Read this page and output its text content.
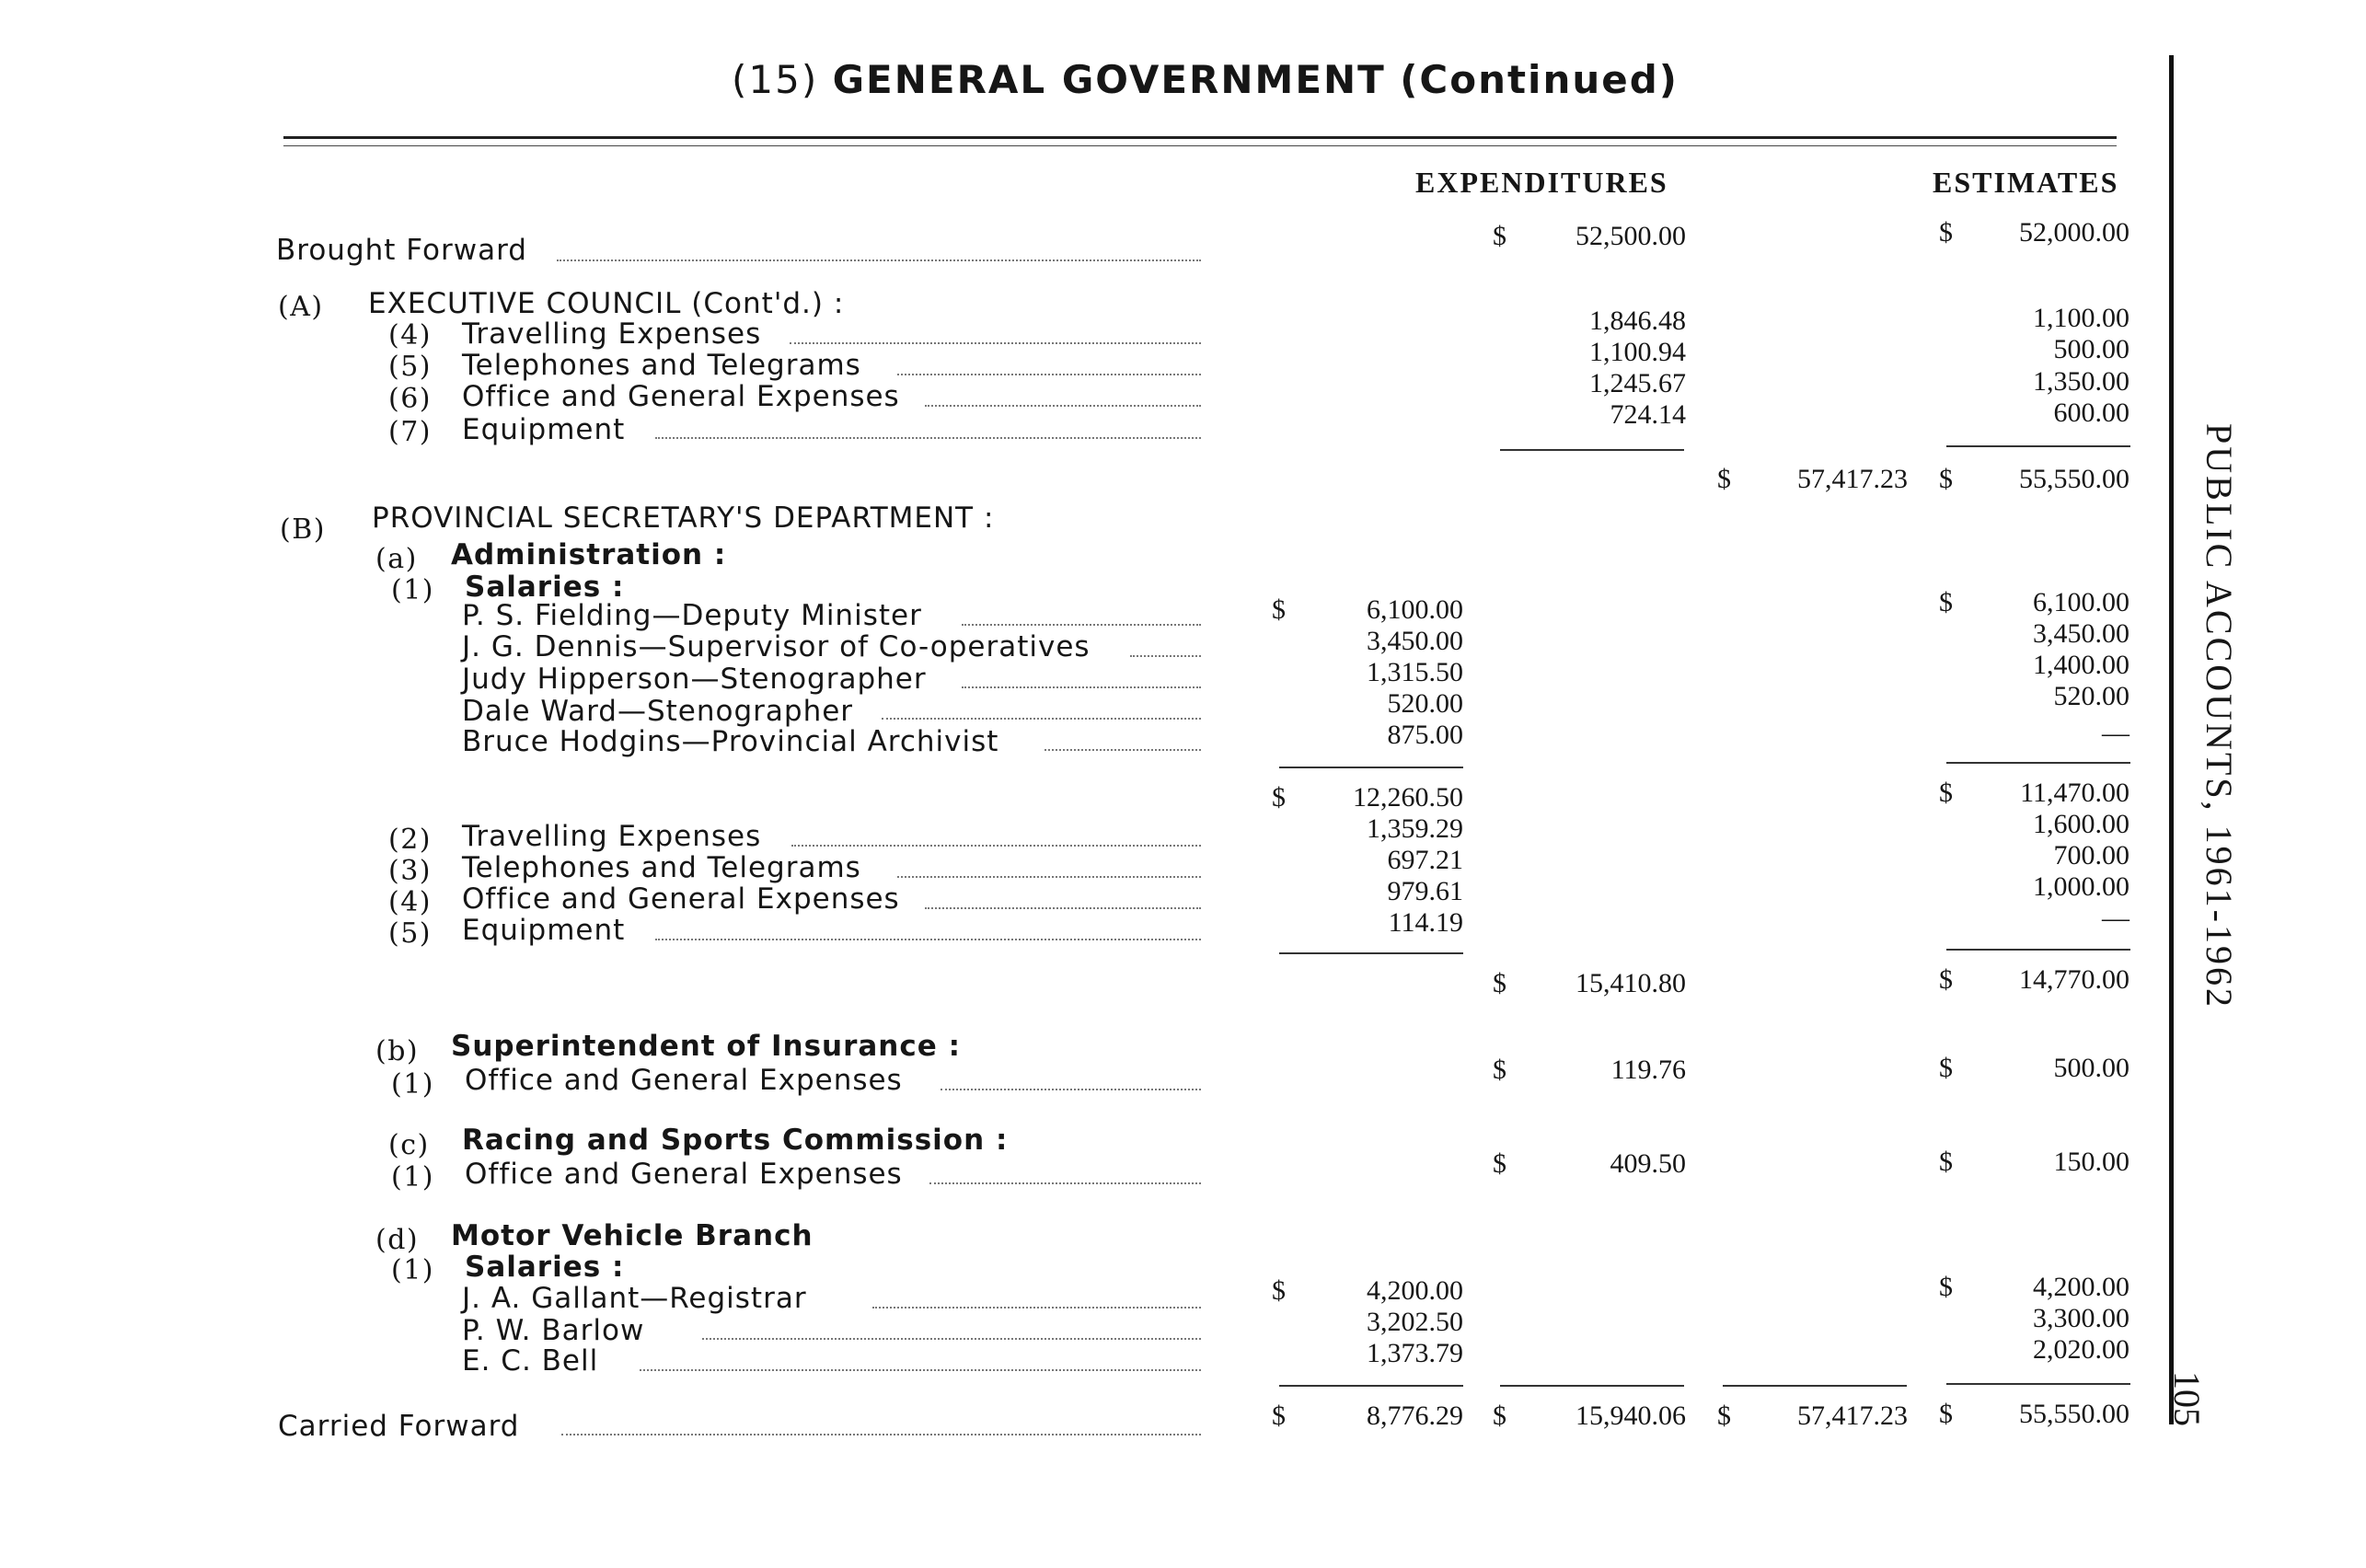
(15) GENERAL GOVERNMENT (Continued)
EXPENDITURES	ESTIMATES
PUBLIC ACCOUNTS, 1961-1962
105
Brought Forward	$	52,500.00	$	52,000.00
(A) EXECUTIVE COUNCIL (Cont'd.) :
(4) Travelling Expenses	1,846.48	1,100.00
(5) Telephones and Telegrams	1,100.94	500.00
(6) Office and General Expenses	1,245.67	1,350.00
(7) Equipment	724.14	600.00
$	57,417.23 $	55,550.00
(B) PROVINCIAL SECRETARY'S DEPARTMENT :
(a) Administration :
(1) Salaries :
P. S. Fielding—Deputy Minister	$	6,100.00	$	6,100.00
J. G. Dennis—Supervisor of Co-operatives	3,450.00	3,450.00
Judy Hipperson—Stenographer	1,315.50	1,400.00
Dale Ward—Stenographer	520.00	520.00
Bruce Hodgins—Provincial Archivist	875.00	—
$	12,260.50	$	11,470.00
(2) Travelling Expenses	1,359.29	1,600.00
(3) Telephones and Telegrams	697.21	700.00
(4) Office and General Expenses	979.61	1,000.00
(5) Equipment	114.19	—
$	15,410.80	$	14,770.00
(b) Superintendent of Insurance :
(1) Office and General Expenses	$	119.76	$	500.00
(c) Racing and Sports Commission :
(1) Office and General Expenses	$	409.50	$	150.00
(d) Motor Vehicle Branch
(1) Salaries :
J. A. Gallant—Registrar	$	4,200.00	$	4,200.00
P. W. Barlow	3,202.50	3,300.00
E. C. Bell	1,373.79	2,020.00
Carried Forward	$	8,776.29 $	15,940.06 $	57,417.23 $	55,550.00
